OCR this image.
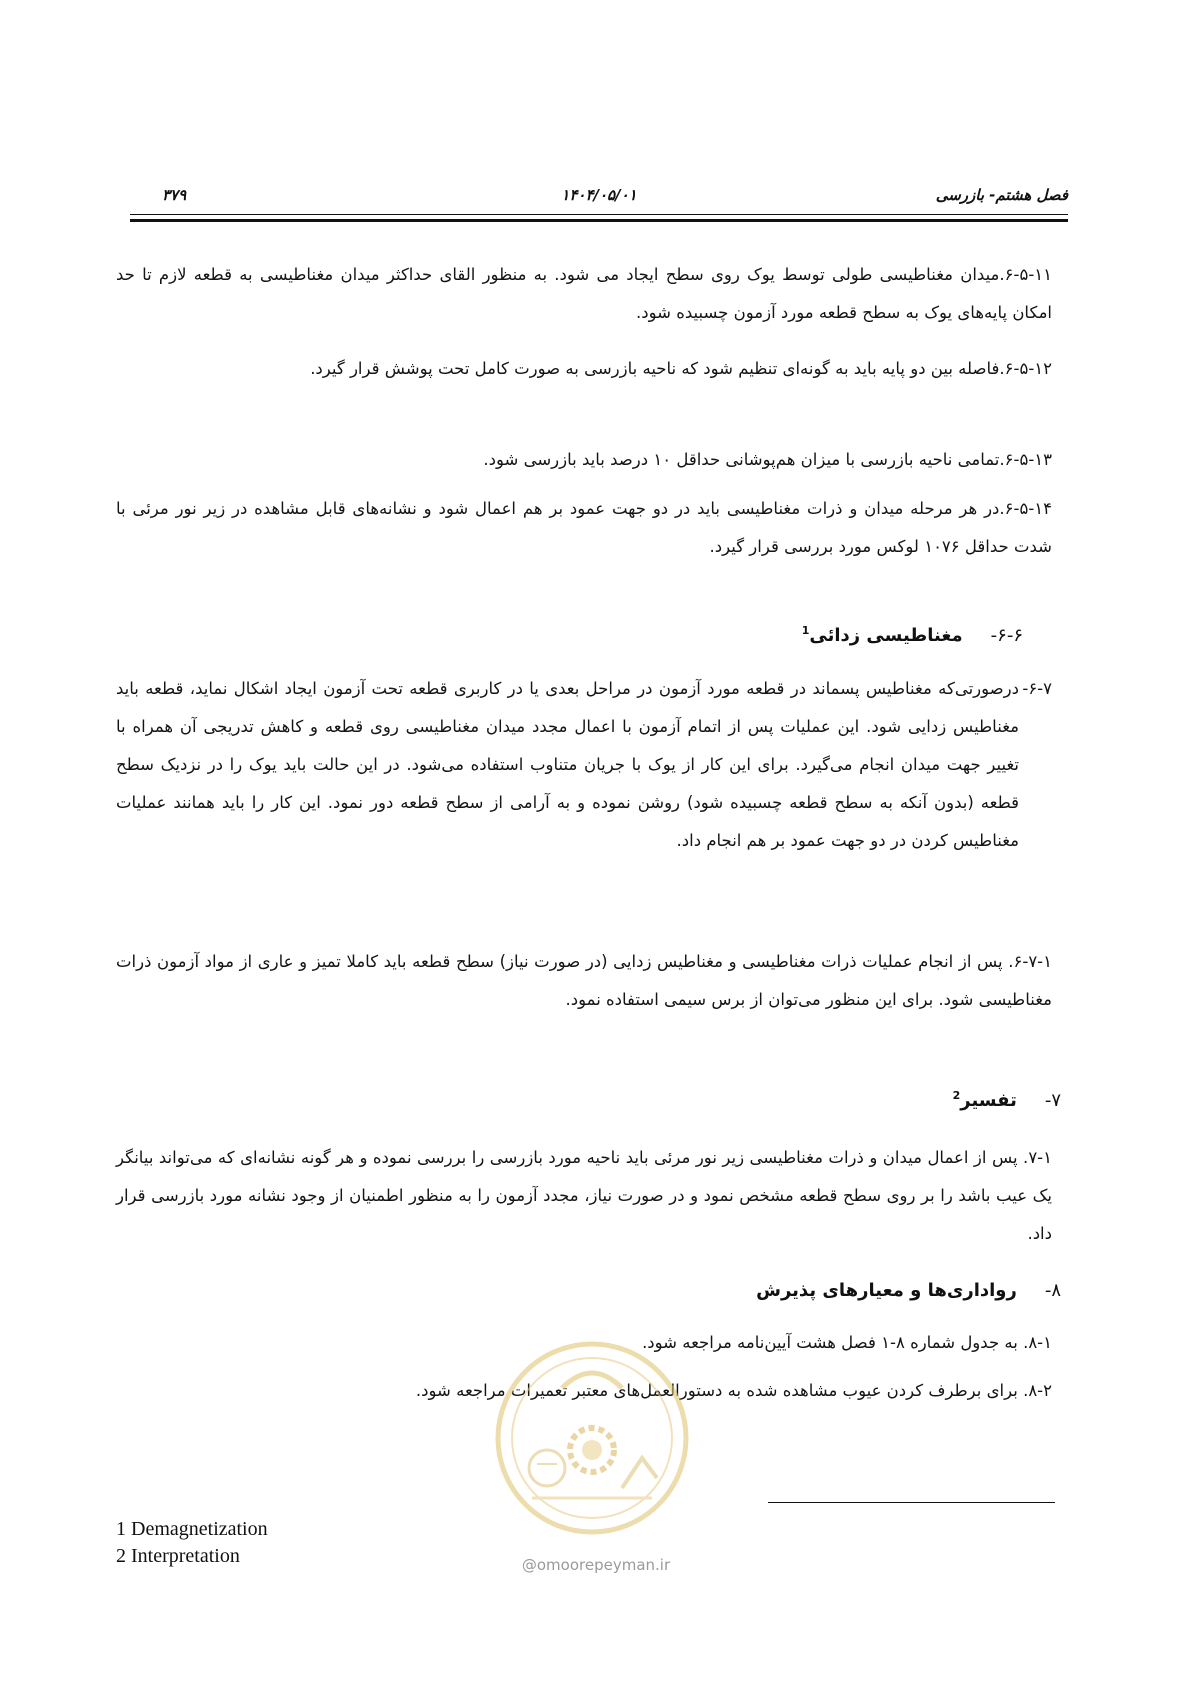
فصل هشتم- بازرسی
۱۴۰۴/۰۵/۰۱
۳۷۹
۶-۵-۱۱.میدان مغناطیسی طولی توسط یوک روی سطح ایجاد می شود. به منظور القای حداکثر میدان مغناطیسی به قطعه لازم تا حد امکان پایه‌های یوک به سطح قطعه مورد آزمون چسبیده شود.
۶-۵-۱۲.فاصله بین دو پایه باید به گونه‌ای تنظیم شود که ناحیه بازرسی به صورت کامل تحت پوشش قرار گیرد.
۶-۵-۱۳.تمامی ناحیه بازرسی با میزان هم‌پوشانی حداقل ۱۰ درصد باید بازرسی شود.
۶-۵-۱۴.در هر مرحله میدان و ذرات مغناطیسی باید در دو جهت عمود بر هم اعمال شود و نشانه‌های قابل مشاهده در زیر نور مرئی با شدت حداقل ۱۰۷۶ لوکس مورد بررسی قرار گیرد.
۶-۶-مغناطیسی زدائی$^1$
۶-۷-
درصورتی‌که مغناطیس پسماند در قطعه مورد آزمون در مراحل بعدی یا در کاربری قطعه تحت آزمون ایجاد اشکال نماید، قطعه باید مغناطیس زدایی شود. این عملیات پس از اتمام آزمون با اعمال مجدد میدان مغناطیسی روی قطعه و کاهش تدریجی آن همراه با تغییر جهت میدان انجام می‌گیرد. برای این کار از یوک با جریان متناوب استفاده می‌شود. در این حالت باید یوک را در نزدیک سطح قطعه (بدون آنکه به سطح قطعه چسبیده شود) روشن نموده و به آرامی از سطح قطعه دور نمود. این کار را باید همانند عملیات مغناطیس کردن در دو جهت عمود بر هم انجام داد.
۶-۷-۱. پس از انجام عملیات ذرات مغناطیسی و مغناطیس زدایی (در صورت نیاز) سطح قطعه باید کاملا تمیز و عاری از مواد آزمون ذرات مغناطیسی شود. برای این منظور می‌توان از برس سیمی استفاده نمود.
۷-تفسیر$^2$
۷-۱. پس از اعمال میدان و ذرات مغناطیسی زیر نور مرئی باید ناحیه مورد بازرسی را بررسی نموده و هر گونه نشانه‌ای که می‌تواند بیانگر یک عیب باشد را بر روی سطح قطعه مشخص نمود و در صورت نیاز، مجدد آزمون را به منظور اطمنیان از وجود نشانه مورد بازرسی قرار داد.
۸-رواداری‌ها و معیارهای پذیرش
۸-۱. به جدول شماره ۸-۱ فصل هشت آیین‌نامه مراجعه شود.
۸-۲. برای برطرف کردن عیوب مشاهده شده به دستورالعمل‌های معتبر تعمیرات مراجعه شود.
@omoorepeyman.ir
1 Demagnetization
2 Interpretation
